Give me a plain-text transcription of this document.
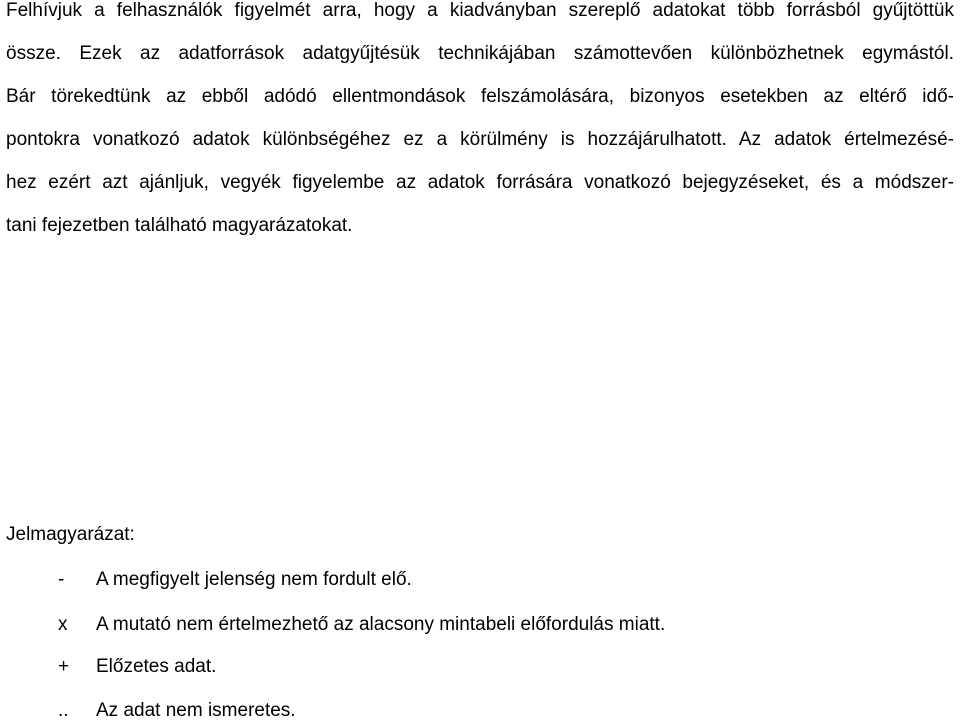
Felhívjuk a felhasználók figyelmét arra, hogy a kiadványban szereplő adatokat több forrásból gyűjtöttük
össze. Ezek az adatforrások adatgyűjtésük technikájában számottevően különbözhetnek egymástól.
Bár törekedtünk az ebből adódó ellentmondások felszámolására, bizonyos esetekben az eltérő idő-
pontokra vonatkozó adatok különbségéhez ez a körülmény is hozzájárulhatott. Az adatok értelmezésé-
hez ezért azt ajánljuk, vegyék figyelembe az adatok forrására vonatkozó bejegyzéseket, és a módszer-
tani fejezetben található magyarázatokat.
Jelmagyarázat:
-	A megfigyelt jelenség nem fordult elő.
x	A mutató nem értelmezhető az alacsony mintabeli előfordulás miatt.
+	Előzetes adat.
..	Az adat nem ismeretes.
